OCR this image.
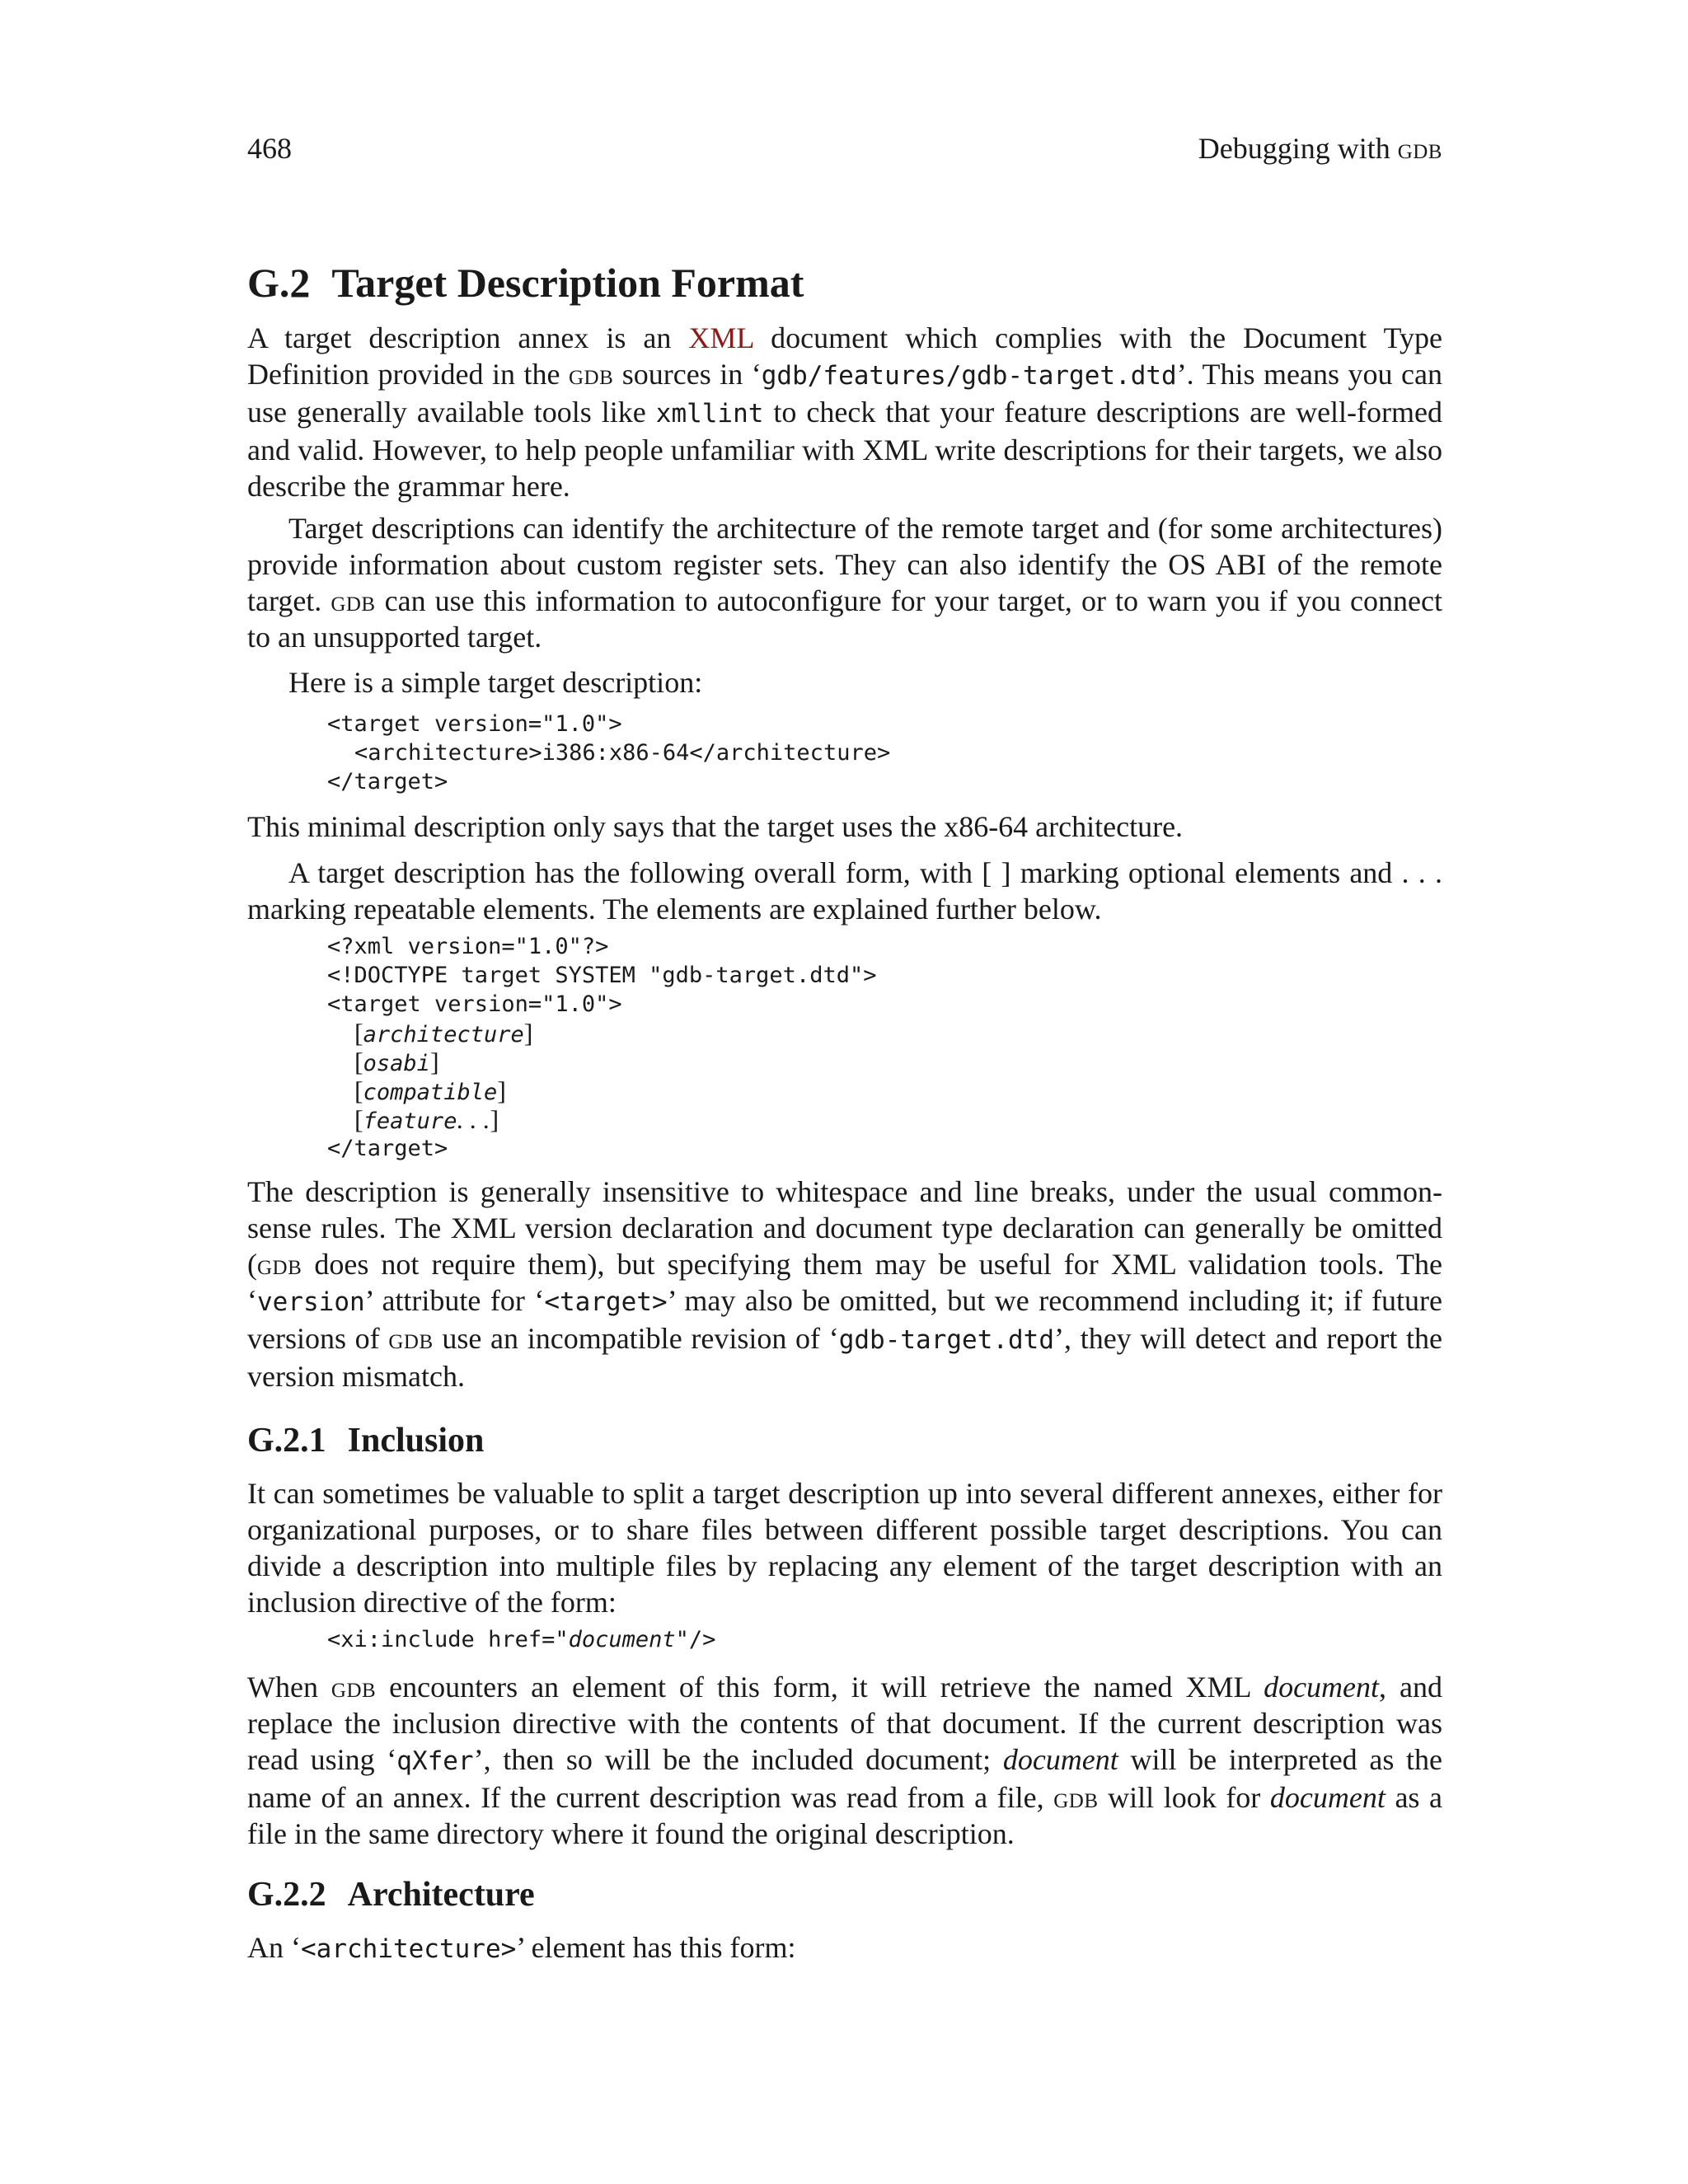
468	Debugging with gdb
G.2 Target Description Format

A target description annex is an XML document which complies with the Document Type Definition provided in the gdb sources in ‘gdb/features/gdb-target.dtd’. This means you can use generally available tools like xmllint to check that your feature descriptions are well-formed and valid. However, to help people unfamiliar with XML write descriptions for their targets, we also describe the grammar here.

Target descriptions can identify the architecture of the remote target and (for some architectures) provide information about custom register sets. They can also identify the OS ABI of the remote target. gdb can use this information to autoconfigure for your target, or to warn you if you connect to an unsupported target.

Here is a simple target description:

<target version="1.0">
<architecture>i386:x86-64</architecture>
</target>

This minimal description only says that the target uses the x86-64 architecture.

A target description has the following overall form, with [ ] marking optional elements and . . . marking repeatable elements. The elements are explained further below.

<?xml version="1.0"?>
<!DOCTYPE target SYSTEM "gdb-target.dtd">
<target version="1.0">
[architecture]
[osabi]
[compatible]
[feature. . .]
</target>

The description is generally insensitive to whitespace and line breaks, under the usual common-sense rules. The XML version declaration and document type declaration can generally be omitted (gdb does not require them), but specifying them may be useful for XML validation tools. The ‘version’ attribute for ‘<target>’ may also be omitted, but we recommend including it; if future versions of gdb use an incompatible revision of ‘gdb-target.dtd’, they will detect and report the version mismatch.

G.2.1 Inclusion

It can sometimes be valuable to split a target description up into several different annexes, either for organizational purposes, or to share files between different possible target descriptions. You can divide a description into multiple files by replacing any element of the target description with an inclusion directive of the form:

<xi:include href="document"/>

When gdb encounters an element of this form, it will retrieve the named XML document, and replace the inclusion directive with the contents of that document. If the current description was read using ‘qXfer’, then so will be the included document; document will be interpreted as the name of an annex. If the current description was read from a file, gdb will look for document as a file in the same directory where it found the original description.

G.2.2 Architecture

An ‘<architecture>’ element has this form:
